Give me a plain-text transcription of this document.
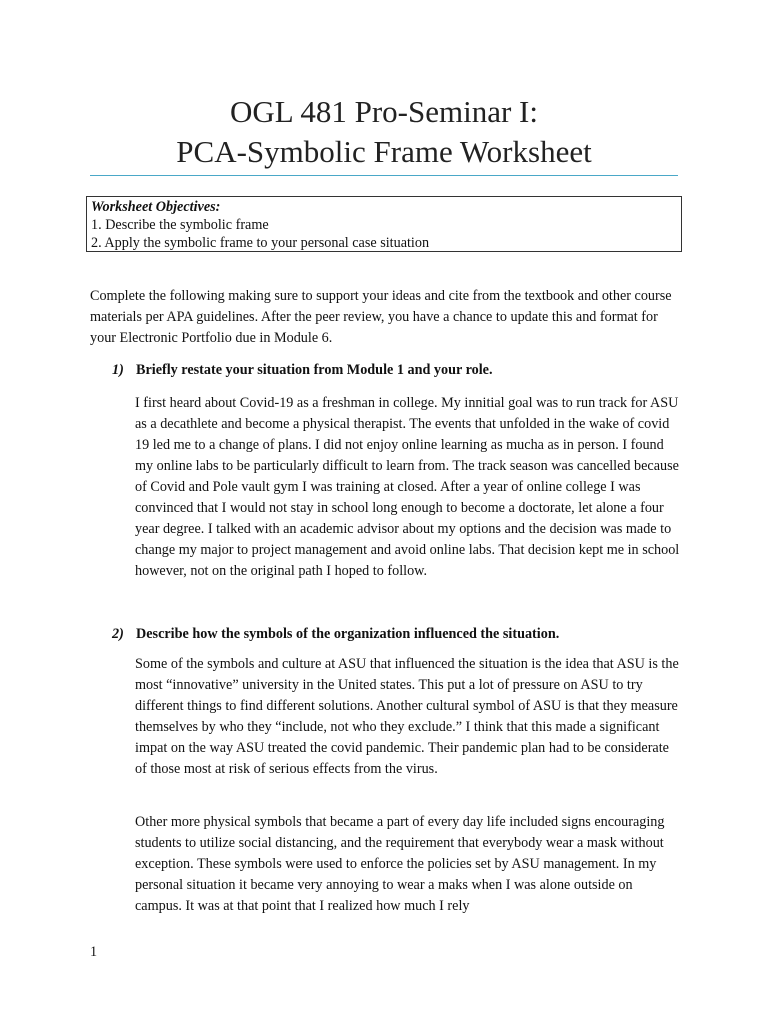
OGL 481 Pro-Seminar I:
PCA-Symbolic Frame Worksheet
Worksheet Objectives:
1. Describe the symbolic frame
2. Apply the symbolic frame to your personal case situation
Complete the following making sure to support your ideas and cite from the textbook and other course materials per APA guidelines. After the peer review, you have a chance to update this and format for your Electronic Portfolio due in Module 6.
1) Briefly restate your situation from Module 1 and your role.
I first heard about Covid-19 as a freshman in college. My innitial goal was to run track for ASU as a decathlete and become a physical therapist. The events that unfolded in the wake of covid 19 led me to a change of plans. I did not enjoy online learning as mucha as in person. I found my online labs to be particularly difficult to learn from. The track season was cancelled because of Covid and Pole vault gym I was training at closed. After a year of online college I was convinced that I would not stay in school long enough to become a doctorate, let alone a four year degree. I talked with an academic advisor about my options and the decision was made to change my major to project management and avoid online labs. That decision kept me in school however, not on the original path I hoped to follow.
2) Describe how the symbols of the organization influenced the situation.
Some of the symbols and culture at ASU that influenced the situation is the idea that ASU is the most “innovative” university in the United states. This put a lot of pressure on ASU to try different things to find different solutions. Another cultural symbol of ASU is that they measure themselves by who they “include, not who they exclude.” I think that this made a significant impat on the way ASU treated the covid pandemic. Their pandemic plan had to be considerate of those most at risk of serious effects from the virus.
Other more physical symbols that became a part of every day life included signs encouraging students to utilize social distancing, and the requirement that everybody wear a mask without exception. These symbols were used to enforce the policies set by ASU management. In my personal situation it became very annoying to wear a maks when I was alone outside on campus. It was at that point that I realized how much I rely
1
